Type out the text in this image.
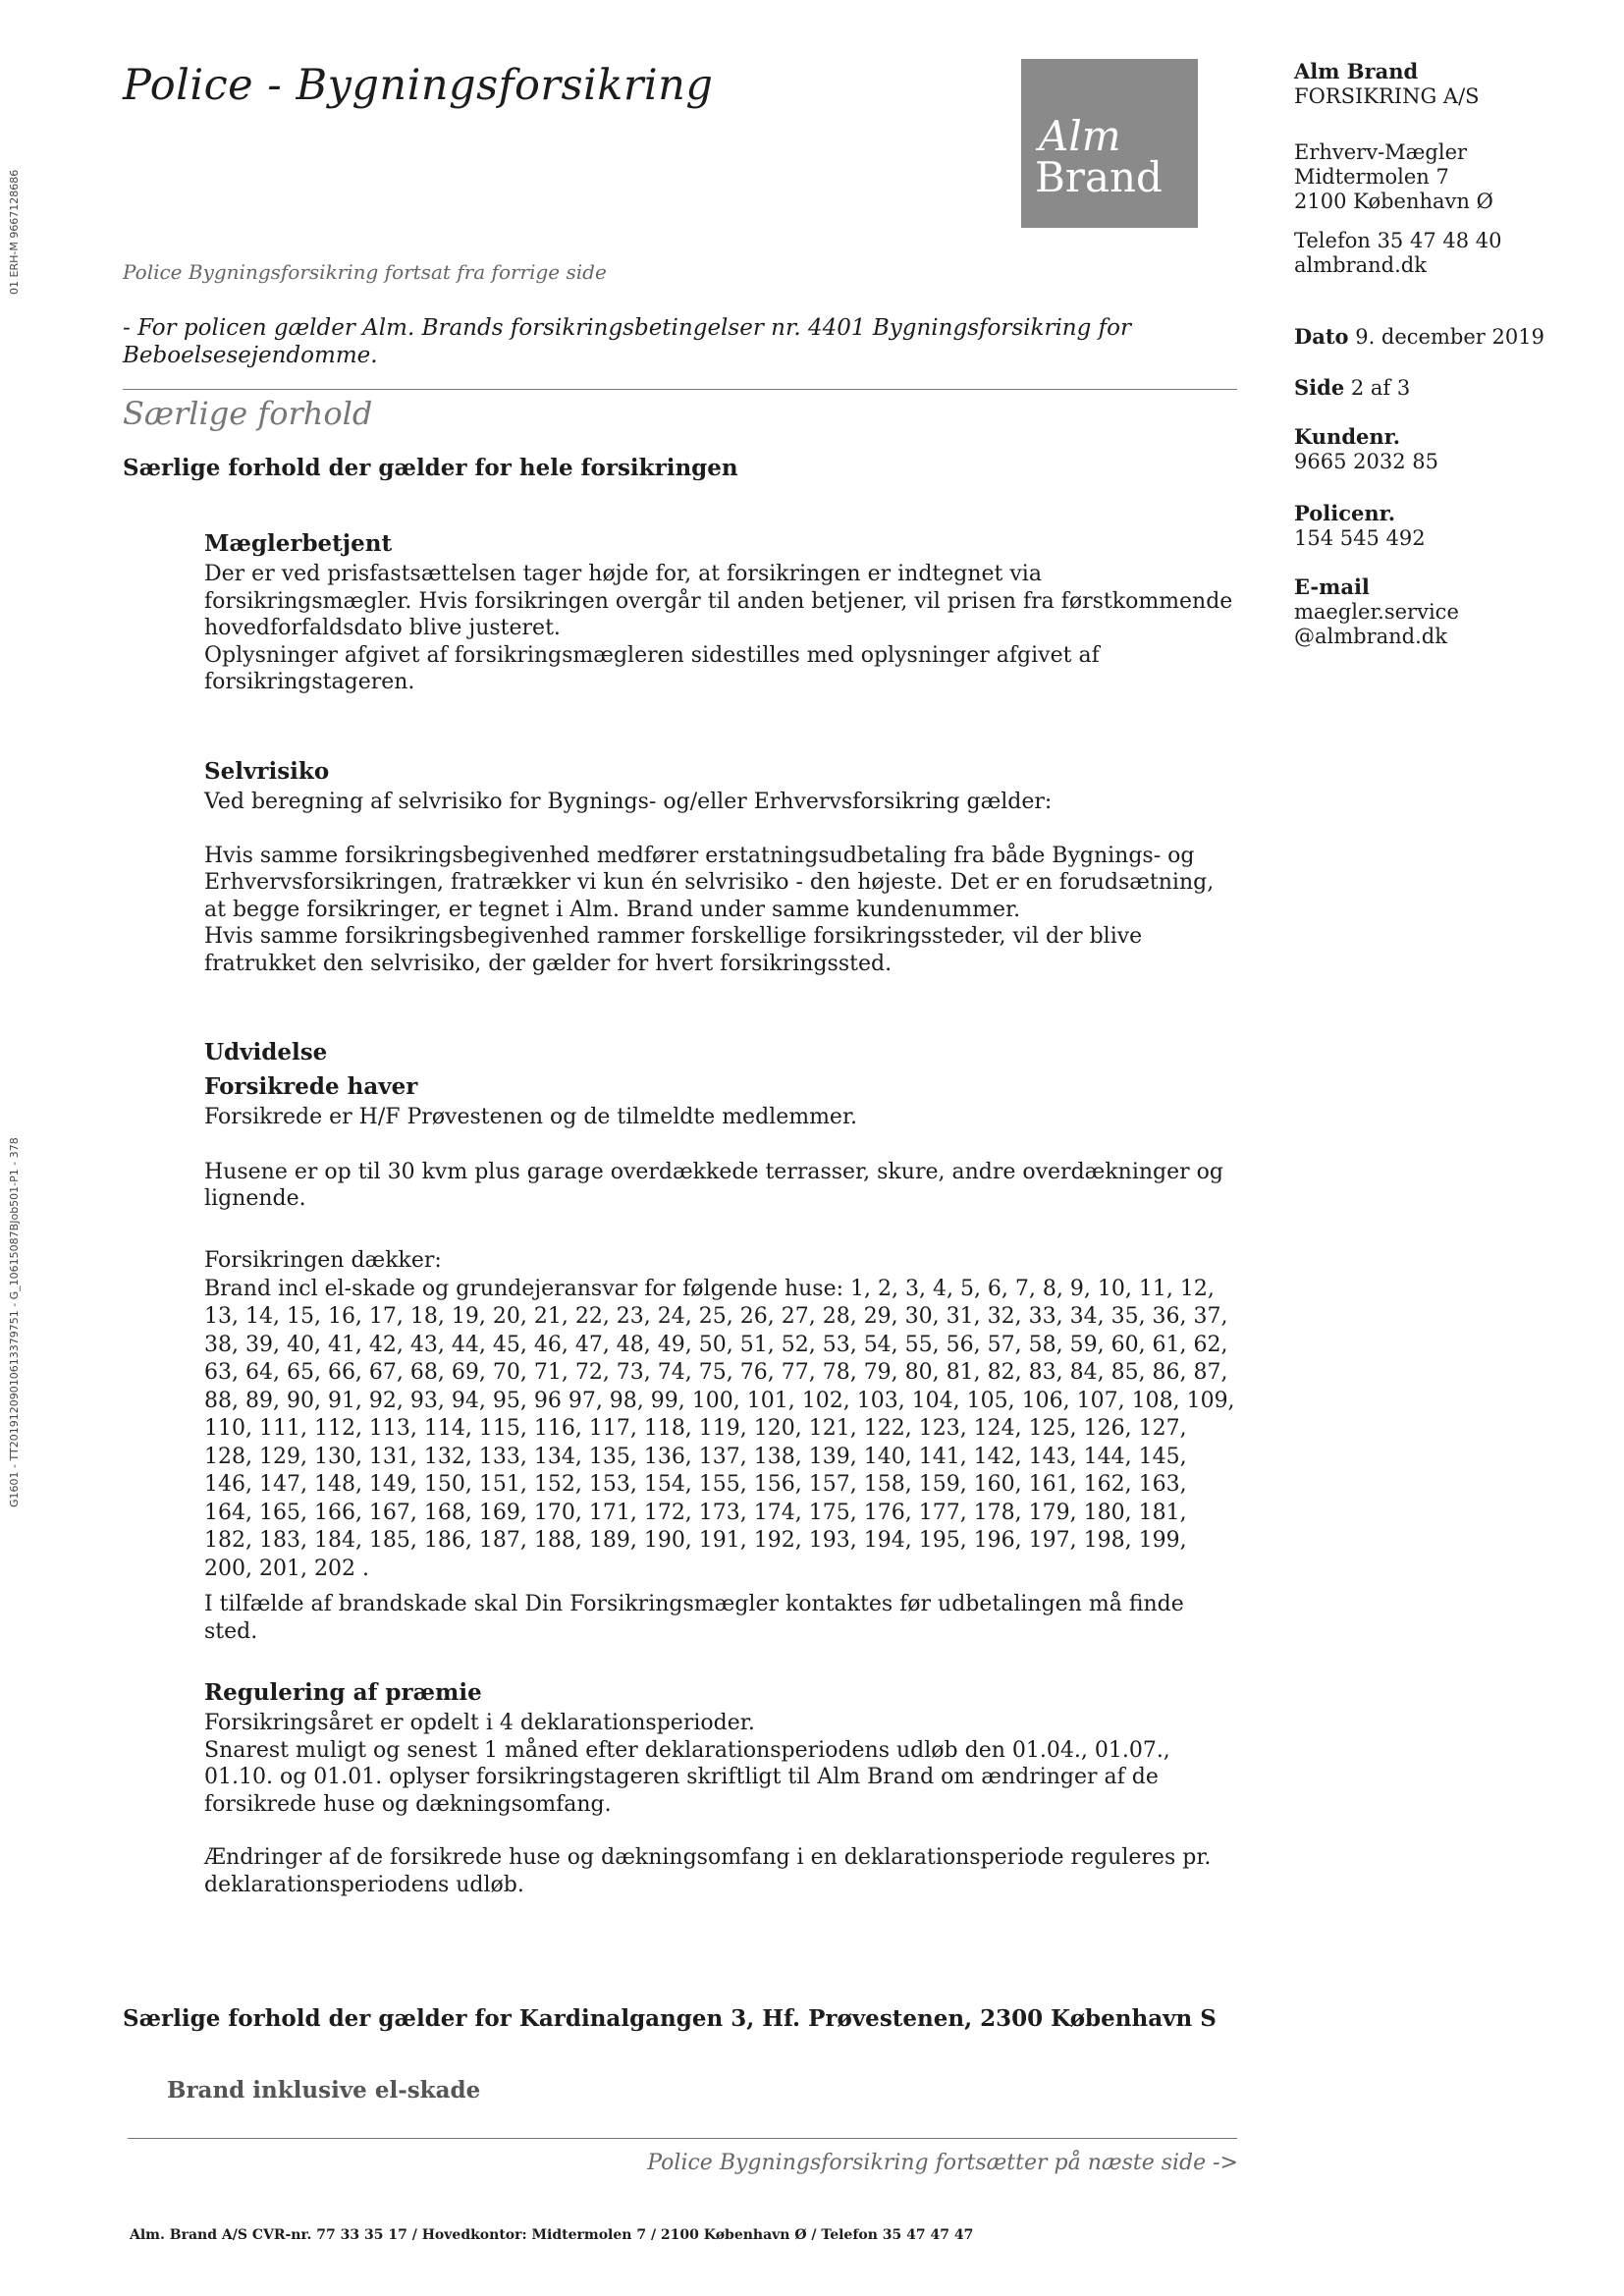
01 ERH-M 9667128686
G1601 - TT20191209010613379751 - G_10615087BJob501-P1 - 378
Police - Bygningsforsikring
Alm
Brand
Alm Brand
FORSIKRING A/S
Erhverv-Mægler
Midtermolen 7
2100 København Ø
Telefon 35 47 48 40
almbrand.dk
Dato 9. december 2019
Side 2 af 3
Kundenr.
9665 2032 85
Policenr.
154 545 492
E-mail
maegler.service
@almbrand.dk
Police Bygningsforsikring fortsat fra forrige side
- For policen gælder Alm. Brands forsikringsbetingelser nr. 4401 Bygningsforsikring for Beboelsesejendomme.
Særlige forhold
Særlige forhold der gælder for hele forsikringen
Mæglerbetjent

Der er ved prisfastsættelsen tager højde for, at forsikringen er indtegnet via forsikringsmægler. Hvis forsikringen overgår til anden betjener, vil prisen fra førstkommende hovedforfaldsdato blive justeret.

Oplysninger afgivet af forsikringsmægleren sidestilles med oplysninger afgivet af forsikringstageren.

Selvrisiko

Ved beregning af selvrisiko for Bygnings- og/eller Erhvervsforsikring gælder:

Hvis samme forsikringsbegivenhed medfører erstatningsudbetaling fra både Bygnings- og Erhvervsforsikringen, fratrækker vi kun én selvrisiko - den højeste. Det er en forudsætning, at begge forsikringer, er tegnet i Alm. Brand under samme kundenummer.

Hvis samme forsikringsbegivenhed rammer forskellige forsikringssteder, vil der blive fratrukket den selvrisiko, der gælder for hvert forsikringssted.

Udvidelse
Forsikrede haver

Forsikrede er H/F Prøvestenen og de tilmeldte medlemmer.

Husene er op til 30 kvm plus garage overdækkede terrasser, skure, andre overdækninger og lignende.

Forsikringen dækker:

Brand incl el-skade og grundejeransvar for følgende huse: 1, 2, 3, 4, 5, 6, 7, 8, 9, 10, 11, 12, 13, 14, 15, 16, 17, 18, 19, 20, 21, 22, 23, 24, 25, 26, 27, 28, 29, 30, 31, 32, 33, 34, 35, 36, 37, 38, 39, 40, 41, 42, 43, 44, 45, 46, 47, 48, 49, 50, 51, 52, 53, 54, 55, 56, 57, 58, 59, 60, 61, 62, 63, 64, 65, 66, 67, 68, 69, 70, 71, 72, 73, 74, 75, 76, 77, 78, 79, 80, 81, 82, 83, 84, 85, 86, 87, 88, 89, 90, 91, 92, 93, 94, 95, 96 97, 98, 99, 100, 101, 102, 103, 104, 105, 106, 107, 108, 109, 110, 111, 112, 113, 114, 115, 116, 117, 118, 119, 120, 121, 122, 123, 124, 125, 126, 127, 128, 129, 130, 131, 132, 133, 134, 135, 136, 137, 138, 139, 140, 141, 142, 143, 144, 145, 146, 147, 148, 149, 150, 151, 152, 153, 154, 155, 156, 157, 158, 159, 160, 161, 162, 163, 164, 165, 166, 167, 168, 169, 170, 171, 172, 173, 174, 175, 176, 177, 178, 179, 180, 181, 182, 183, 184, 185, 186, 187, 188, 189, 190, 191, 192, 193, 194, 195, 196, 197, 198, 199, 200, 201, 202 .

I tilfælde af brandskade skal Din Forsikringsmægler kontaktes før udbetalingen må finde sted.
Regulering af præmie

Forsikringsåret er opdelt i 4 deklarationsperioder.

Snarest muligt og senest 1 måned efter deklarationsperiodens udløb den 01.04., 01.07., 01.10. og 01.01. oplyser forsikringstageren skriftligt til Alm Brand om ændringer af de forsikrede huse og dækningsomfang.

Ændringer af de forsikrede huse og dækningsomfang i en deklarationsperiode reguleres pr. deklarationsperiodens udløb.

Særlige forhold der gælder for Kardinalgangen 3, Hf. Prøvestenen, 2300 København S
Brand inklusive el-skade
Police Bygningsforsikring fortsætter på næste side ->
Alm. Brand A/S CVR-nr. 77 33 35 17 / Hovedkontor: Midtermolen 7 / 2100 København Ø / Telefon 35 47 47 47
